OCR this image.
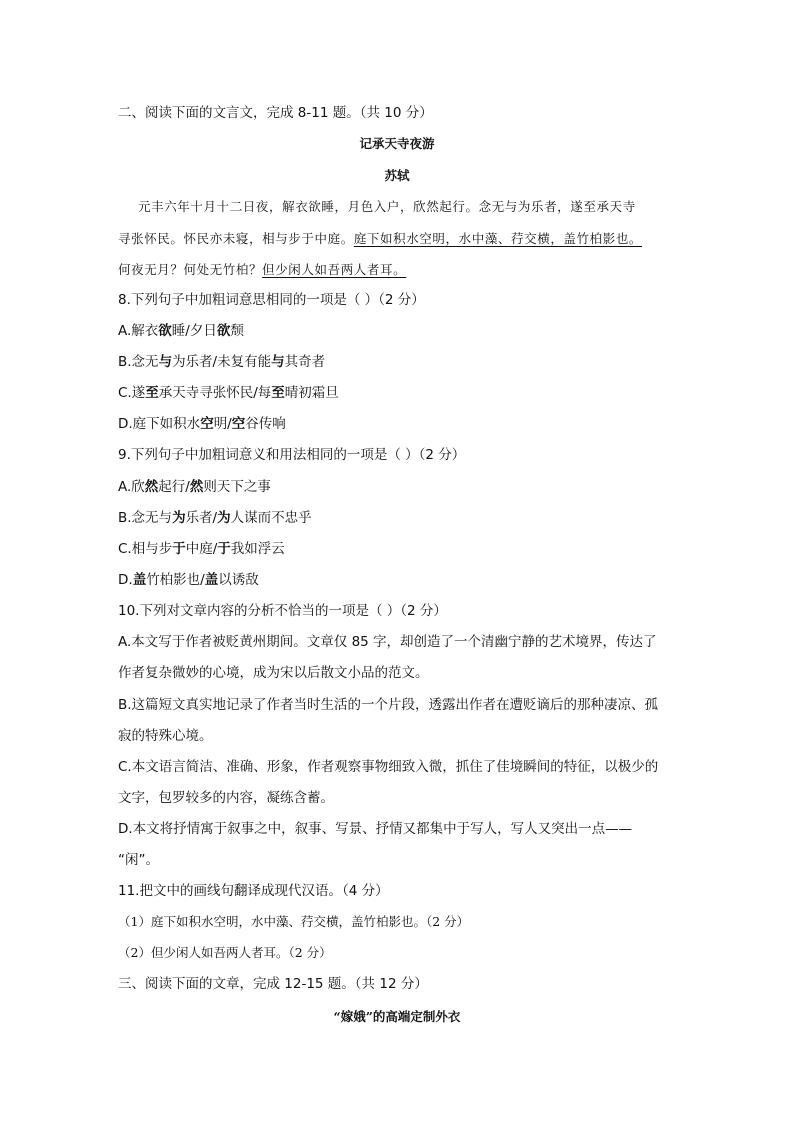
二、阅读下面的文言文，完成 8-11 题。（共 10 分）
记承天寺夜游
苏轼
元丰六年十月十二日夜，解衣欲睡，月色入户，欣然起行。念无与为乐者，遂至承天寺
寻张怀民。怀民亦未寝，相与步于中庭。庭下如积水空明，水中藻、荇交横，盖竹柏影也。
何夜无月？何处无竹柏？但少闲人如吾两人者耳。
8.下列句子中加粗词意思相同的一项是（ ）（2 分）
A.解衣欲睡/夕日欲颓
B.念无与为乐者/未复有能与其奇者
C.遂至承天寺寻张怀民/每至晴初霜旦
D.庭下如积水空明/空谷传响
9.下列句子中加粗词意义和用法相同的一项是（ ）（2 分）
A.欣然起行/然则天下之事
B.念无与为乐者/为人谋而不忠乎
C.相与步于中庭/于我如浮云
D.盖竹柏影也/盖以诱敌
10.下列对文章内容的分析不恰当的一项是（ ）（2 分）
A.本文写于作者被贬黄州期间。文章仅 85 字，却创造了一个清幽宁静的艺术境界，传达了
作者复杂微妙的心境，成为宋以后散文小品的范文。
B.这篇短文真实地记录了作者当时生活的一个片段，透露出作者在遭贬谪后的那种凄凉、孤
寂的特殊心境。
C.本文语言简洁、准确、形象，作者观察事物细致入微，抓住了佳境瞬间的特征，以极少的
文字，包罗较多的内容，凝练含蓄。
D.本文将抒情寓于叙事之中，叙事、写景、抒情又都集中于写人，写人又突出一点——
“闲”。
11.把文中的画线句翻译成现代汉语。（4 分）
（1）庭下如积水空明，水中藻、荇交横，盖竹柏影也。（2 分）
（2）但少闲人如吾两人者耳。（2 分）
三、阅读下面的文章，完成 12-15 题。（共 12 分）
“嫁娥”的高端定制外衣
